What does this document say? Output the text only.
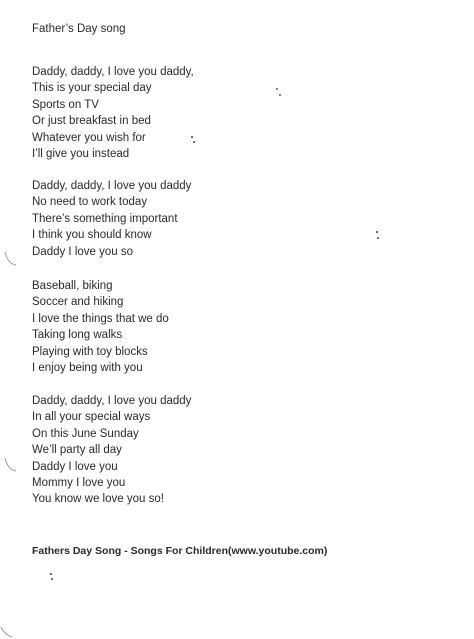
Father’s Day song
Daddy, daddy, I love you daddy,
This is your special day
Sports on TV
Or just breakfast in bed
Whatever you wish for
I’ll give you instead
Daddy, daddy, I love you daddy
No need to work today
There’s something important
I think you should know
Daddy I love you so
Baseball, biking
Soccer and hiking
I love the things that we do
Taking long walks
Playing with toy blocks
I enjoy being with you
Daddy, daddy, I love you daddy
In all your special ways
On this June Sunday
We’ll party all day
Daddy I love you
Mommy I love you
You know we love you so!
Fathers Day Song - Songs For Children(www.youtube.com)
